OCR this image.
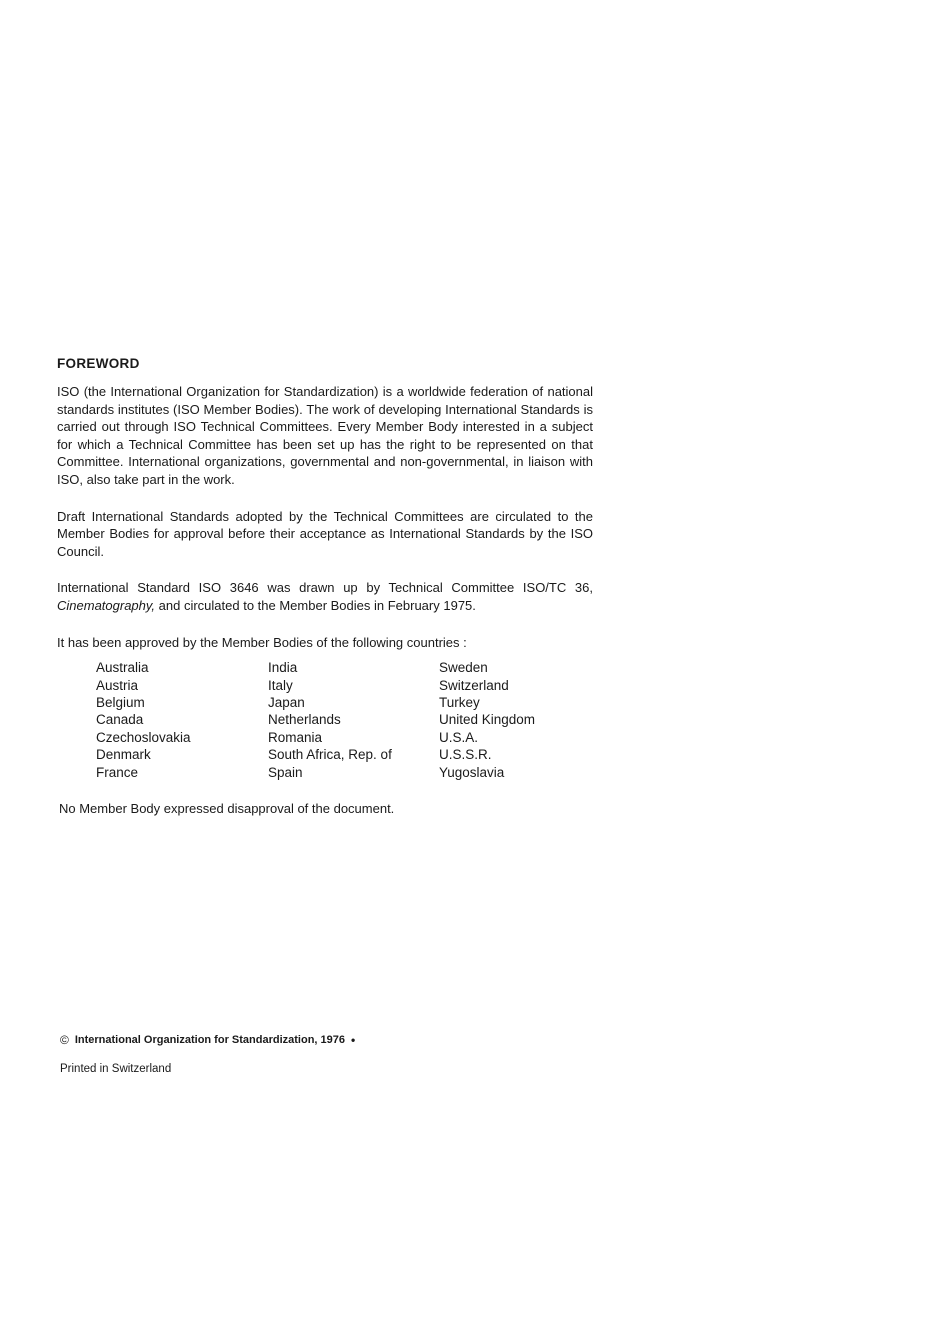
FOREWORD

ISO (the International Organization for Standardization) is a worldwide federation of national standards institutes (ISO Member Bodies). The work of developing International Standards is carried out through ISO Technical Committees. Every Member Body interested in a subject for which a Technical Committee has been set up has the right to be represented on that Committee. International organizations, governmental and non-governmental, in liaison with ISO, also take part in the work.

Draft International Standards adopted by the Technical Committees are circulated to the Member Bodies for approval before their acceptance as International Standards by the ISO Council.

International Standard ISO 3646 was drawn up by Technical Committee ISO/TC 36, Cinematography, and circulated to the Member Bodies in February 1975.

It has been approved by the Member Bodies of the following countries :

Australia
Austria
Belgium
Canada
Czechoslovakia
Denmark
France
India
Italy
Japan
Netherlands
Romania
South Africa, Rep. of
Spain
Sweden
Switzerland
Turkey
United Kingdom
U.S.A.
U.S.S.R.
Yugoslavia
No Member Body expressed disapproval of the document.
© International Organization for Standardization, 1976 •
Printed in Switzerland
